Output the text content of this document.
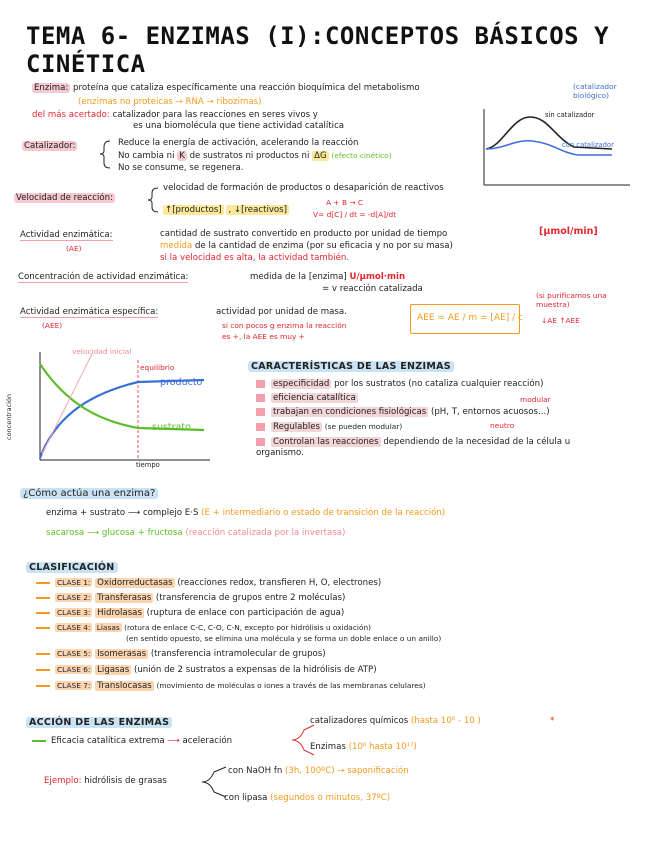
TEMA 6- ENZIMAS (I):CONCEPTOS BÁSICOS Y CINÉTICA
Enzima: proteína que cataliza específicamente una reacción bioquímica del metabolismo	(catalizador biológico)
(enzimas no proteicas → RNA → ribozimas)
del más acertado: catalizador para las reacciones en seres vivos y
es una biomolécula que tiene actividad catalítica
Catalizador:	Reduce la energía de activación, acelerando la reacción
No cambia ni K de sustratos ni productos ni ΔG (efecto cinético)
No se consume, se regenera.
sin catalizador
con catalizador
Velocidad de reacción:
velocidad de formación de productos o desaparición de reactivos
↑[productos] , ↓[reactivos]
A + B → C
V= d[C] / dt = -d[A]/dt
Actividad enzimática:
(AE)
cantidad de sustrato convertido en producto por unidad de tiempo	[μmol/min]
medida de la cantidad de enzima (por su eficacia y no por su masa)
si la velocidad es alta, la actividad también.
Concentración de actividad enzimática:	medida de la [enzima] U/μmol·min
= v reacción catalizada
Actividad enzimática específica:
(AEE)
actividad por unidad de masa.
si con pocos g enzima la reacción
es +, la AEE es muy +
AEE = AE / m = [AE] / c
(si purificamos una muestra)
↓AE ↑AEE
velocidad inicial
equilibrio
producto
sustrato
concentración
tiempo
CARACTERÍSTICAS DE LAS ENZIMAS
especificidad por los sustratos (no cataliza cualquier reacción)
eficiencia catalítica	modular
trabajan en condiciones fisiológicas (pH, T, entornos acuosos...)
Regulables (se pueden modular)	neutro
Controlan las reacciones dependiendo de la necesidad de la célula u organismo.
¿Cómo actúa una enzima?
enzima + sustrato ⟶ complejo E·S (E + intermediario o estado de transición de la reacción)
sacarosa ⟶ glucosa + fructosa (reacción catalizada por la invertasa)
CLASIFICACIÓN
CLASE 1: Oxidorreductasas (reacciones redox, transfieren H, O, electrones)
CLASE 2: Transferasas (transferencia de grupos entre 2 moléculas)
CLASE 3: Hidrolasas (ruptura de enlace con participación de agua)
CLASE 4: Liasas (rotura de enlace C-C, C-O, C-N, excepto por hidrólisis u oxidación)
(en sentido opuesto, se elimina una molécula y se forma un doble enlace o un anillo)
CLASE 5: Isomerasas (transferencia intramolecular de grupos)
CLASE 6: Ligasas (unión de 2 sustratos a expensas de la hidrólisis de ATP)
CLASE 7: Translocasas (movimiento de moléculas o iones a través de las membranas celulares)
ACCIÓN DE LAS ENZIMAS
Eficacia catalítica extrema ⟶ aceleración
catalizadores químicos (hasta 10⁶ - 10 )	*
Enzimas (10⁶ hasta 10¹⁷)
Ejemplo: hidrólisis de grasas
con NaOH fn (3h, 100ºC) → saponificación
con lipasa (segundos o minutos, 37ºC)
